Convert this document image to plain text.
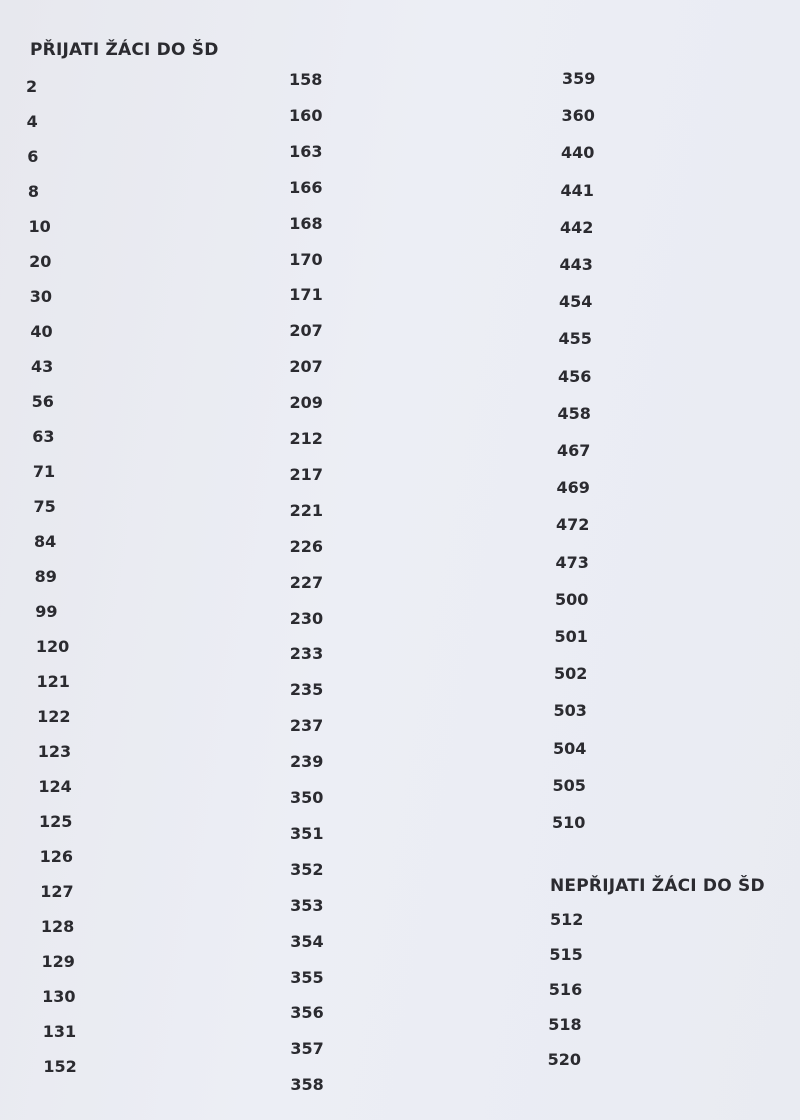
PŘIJATI ŽÁCI DO ŠD
2
4
6
8
10
20
30
40
43
56
63
71
75
84
89
99
120
121
122
123
124
125
126
127
128
129
130
131
152
158
160
163
166
168
170
171
207
207
209
212
217
221
226
227
230
233
235
237
239
350
351
352
353
354
355
356
357
358
359
360
440
441
442
443
454
455
456
458
467
469
472
473
500
501
502
503
504
505
510
NEPŘIJATI ŽÁCI DO ŠD
512
515
516
518
520
